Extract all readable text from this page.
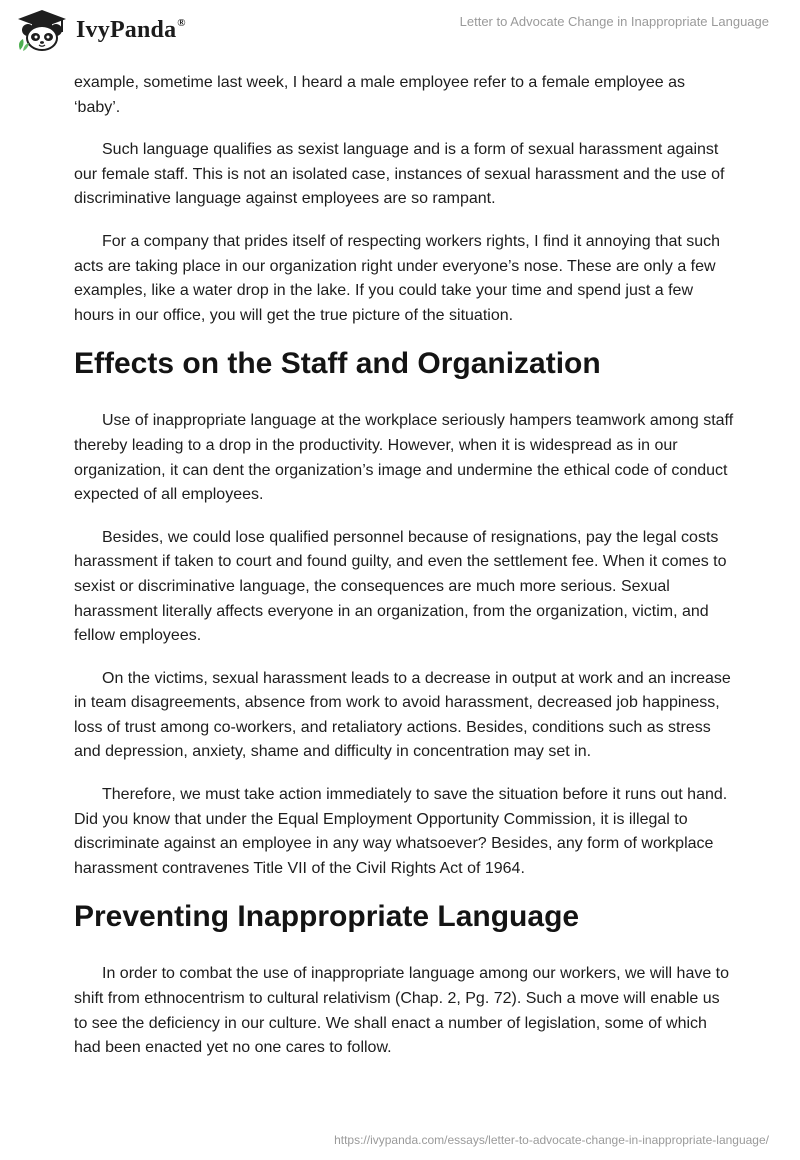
IvyPanda®	Letter to Advocate Change in Inappropriate Language

example, sometime last week, I heard a male employee refer to a female employee as ‘baby’.

Such language qualifies as sexist language and is a form of sexual harassment against our female staff. This is not an isolated case, instances of sexual harassment and the use of discriminative language against employees are so rampant.

For a company that prides itself of respecting workers rights, I find it annoying that such acts are taking place in our organization right under everyone’s nose. These are only a few examples, like a water drop in the lake. If you could take your time and spend just a few hours in our office, you will get the true picture of the situation.

Effects on the Staff and Organization

Use of inappropriate language at the workplace seriously hampers teamwork among staff thereby leading to a drop in the productivity. However, when it is widespread as in our organization, it can dent the organization’s image and undermine the ethical code of conduct expected of all employees.

Besides, we could lose qualified personnel because of resignations, pay the legal costs harassment if taken to court and found guilty, and even the settlement fee. When it comes to sexist or discriminative language, the consequences are much more serious. Sexual harassment literally affects everyone in an organization, from the organization, victim, and fellow employees.

On the victims, sexual harassment leads to a decrease in output at work and an increase in team disagreements, absence from work to avoid harassment, decreased job happiness, loss of trust among co-workers, and retaliatory actions. Besides, conditions such as stress and depression, anxiety, shame and difficulty in concentration may set in.

Therefore, we must take action immediately to save the situation before it runs out hand. Did you know that under the Equal Employment Opportunity Commission, it is illegal to discriminate against an employee in any way whatsoever? Besides, any form of workplace harassment contravenes Title VII of the Civil Rights Act of 1964.

Preventing Inappropriate Language

In order to combat the use of inappropriate language among our workers, we will have to shift from ethnocentrism to cultural relativism (Chap. 2, Pg. 72). Such a move will enable us to see the deficiency in our culture. We shall enact a number of legislation, some of which had been enacted yet no one cares to follow.

https://ivypanda.com/essays/letter-to-advocate-change-in-inappropriate-language/
